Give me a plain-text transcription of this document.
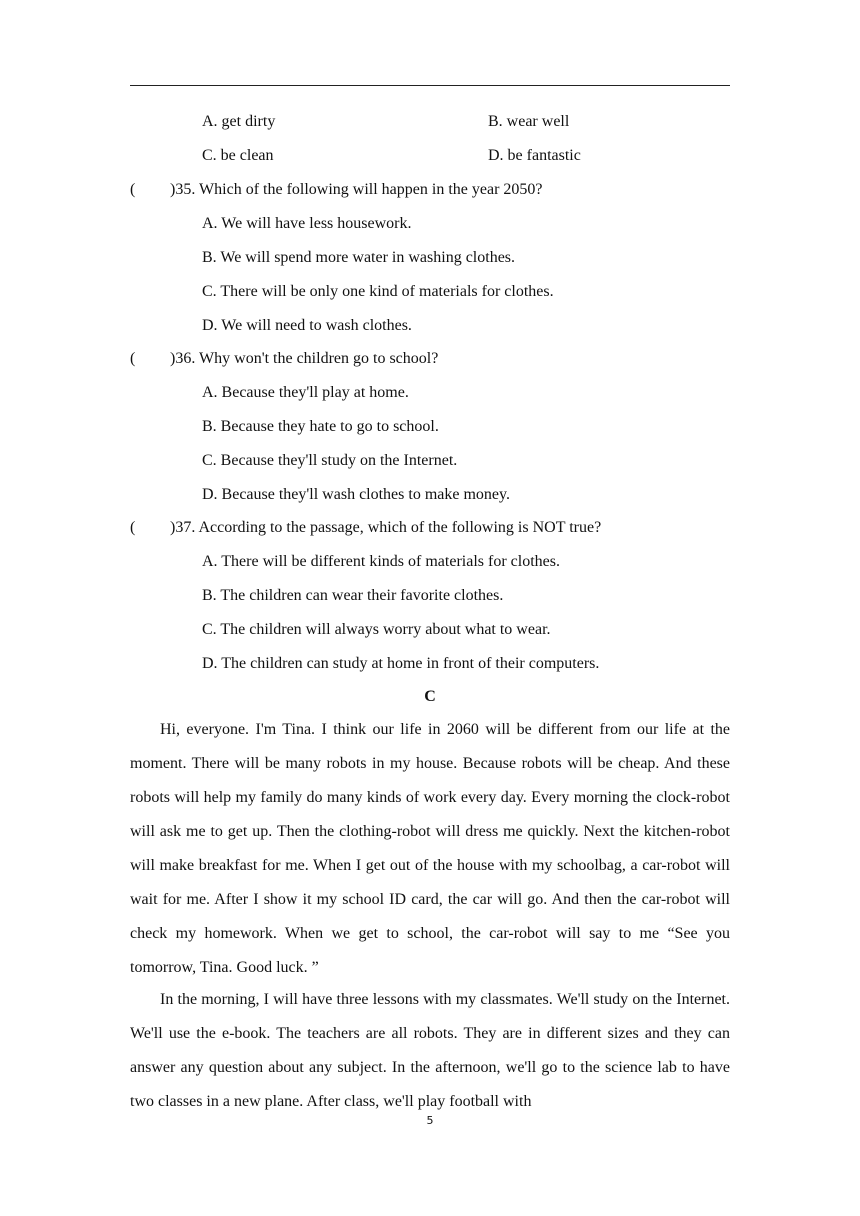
A. get dirty	B. wear well
C. be clean	D. be fantastic
( )35. Which of the following will happen in the year 2050?
A. We will have less housework.
B. We will spend more water in washing clothes.
C. There will be only one kind of materials for clothes.
D. We will need to wash clothes.
( )36. Why won't the children go to school?
A. Because they'll play at home.
B. Because they hate to go to school.
C. Because they'll study on the Internet.
D. Because they'll wash clothes to make money.
( )37. According to the passage, which of the following is NOT true?
A. There will be different kinds of materials for clothes.
B. The children can wear their favorite clothes.
C. The children will always worry about what to wear.
D. The children can study at home in front of their computers.
C

Hi, everyone. I'm Tina. I think our life in 2060 will be different from our life at the moment. There will be many robots in my house. Because robots will be cheap. And these robots will help my family do many kinds of work every day. Every morning the clock-robot will ask me to get up. Then the clothing-robot will dress me quickly. Next the kitchen-robot will make breakfast for me. When I get out of the house with my schoolbag, a car-robot will wait for me. After I show it my school ID card, the car will go. And then the car-robot will check my homework. When we get to school, the car-robot will say to me “See you tomorrow, Tina. Good luck. ”

In the morning, I will have three lessons with my classmates. We'll study on the Internet. We'll use the e-book. The teachers are all robots. They are in different sizes and they can answer any question about any subject. In the afternoon, we'll go to the science lab to have two classes in a new plane. After class, we'll play football with

5
